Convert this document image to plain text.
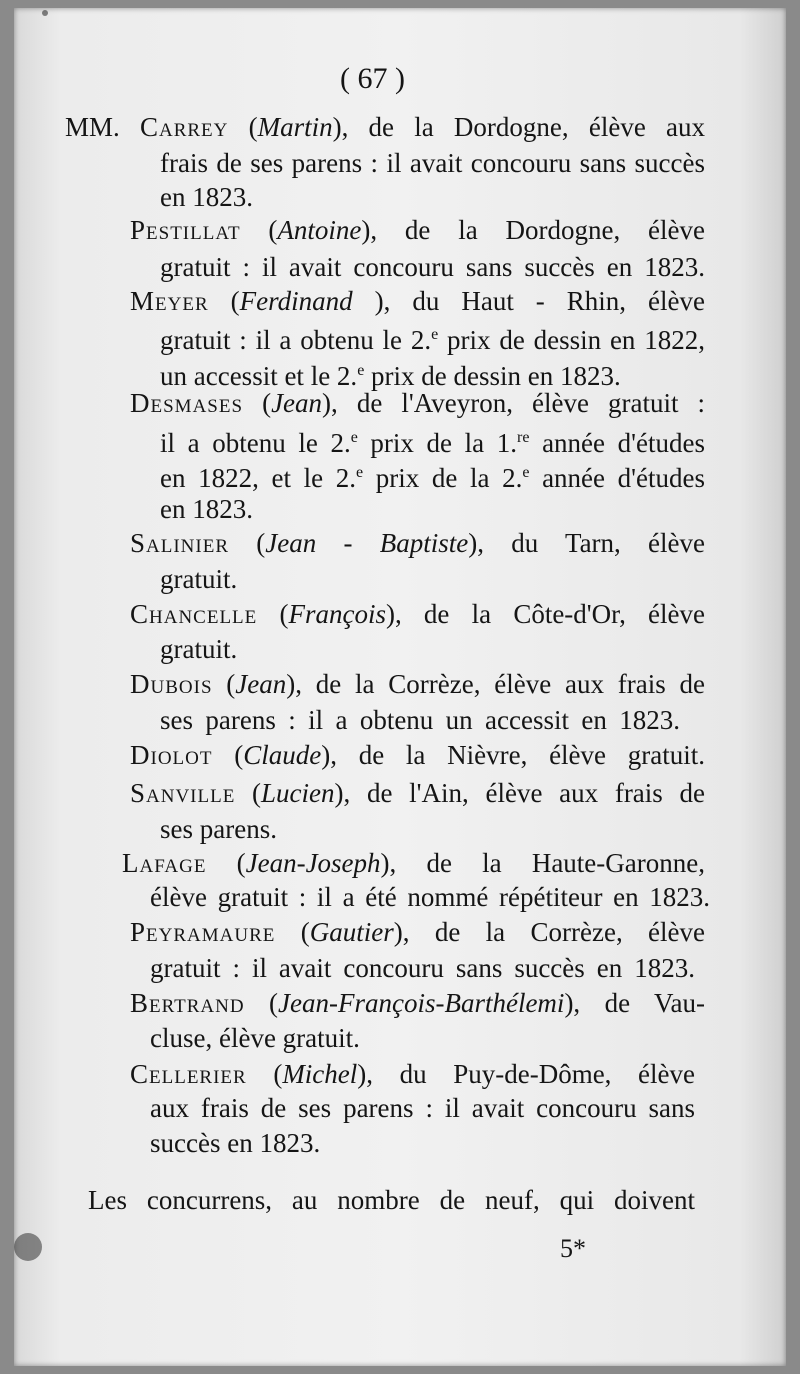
( 67 )
5*
MM. Carrey (Martin), de la Dordogne, élève aux
frais de ses parens : il avait concouru sans succès
en 1823.
Pestillat (Antoine), de la Dordogne, élève
gratuit : il avait concouru sans succès en 1823.
Meyer (Ferdinand ), du Haut - Rhin, élève
gratuit : il a obtenu le 2.$^e$ prix de dessin en 1822,
un accessit et le 2.$^e$ prix de dessin en 1823.
Desmases (Jean), de l'Aveyron, élève gratuit :
il a obtenu le 2.$^e$ prix de la 1.$^{re}$ année d'études
en 1822, et le 2.$^e$ prix de la 2.$^e$ année d'études
en 1823.
Salinier (Jean - Baptiste), du Tarn, élève
gratuit.
Chancelle (François), de la Côte-d'Or, élève
gratuit.
Dubois (Jean), de la Corrèze, élève aux frais de
ses parens : il a obtenu un accessit en 1823.
Diolot (Claude), de la Nièvre, élève gratuit.
Sanville (Lucien), de l'Ain, élève aux frais de
ses parens.
Lafage (Jean-Joseph), de la Haute-Garonne,
élève gratuit : il a été nommé répétiteur en 1823.
Peyramaure (Gautier), de la Corrèze, élève
gratuit : il avait concouru sans succès en 1823.
Bertrand (Jean-François-Barthélemi), de Vau-
cluse, élève gratuit.
Cellerier (Michel), du Puy-de-Dôme, élève
aux frais de ses parens : il avait concouru sans
succès en 1823.
Les concurrens, au nombre de neuf, qui doivent
